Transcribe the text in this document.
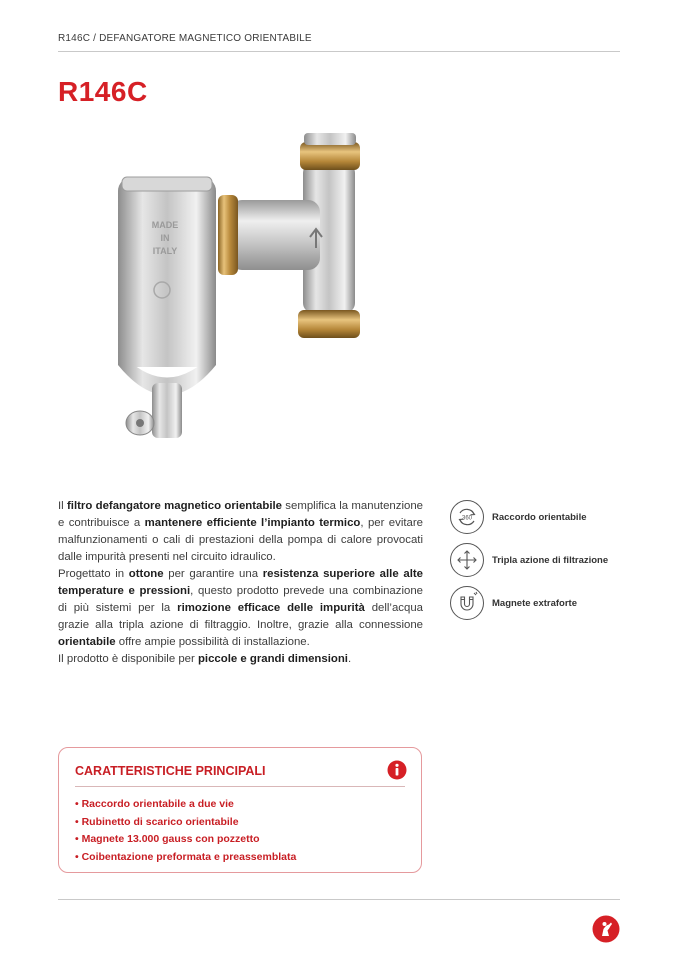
R146C / DEFANGATORE MAGNETICO ORIENTABILE
R146C
MADE
IN
ITALY

Il filtro defangatore magnetico orientabile semplifica la manutenzione e contribuisce a mantenere efficiente l’impianto termico, per evitare malfunzionamenti o cali di prestazioni della pompa di calore provocati dalle impurità presenti nel circuito idraulico.

Progettato in ottone per garantire una resistenza superiore alle alte temperature e pressioni, questo prodotto prevede una combinazione di più sistemi per la rimozione efficace delle impurità dell’acqua grazie alla tripla azione di filtraggio. Inoltre, grazie alla connessione orientabile offre ampie possibilità di installazione.

Il prodotto è disponibile per piccole e grandi dimensioni.

360 Raccordo orientabile
Tripla azione di filtrazione
Magnete extraforte
CARATTERISTICHE PRINCIPALI
• Raccordo orientabile a due vie
• Rubinetto di scarico orientabile
• Magnete 13.000 gauss con pozzetto
• Coibentazione preformata e preassemblata
